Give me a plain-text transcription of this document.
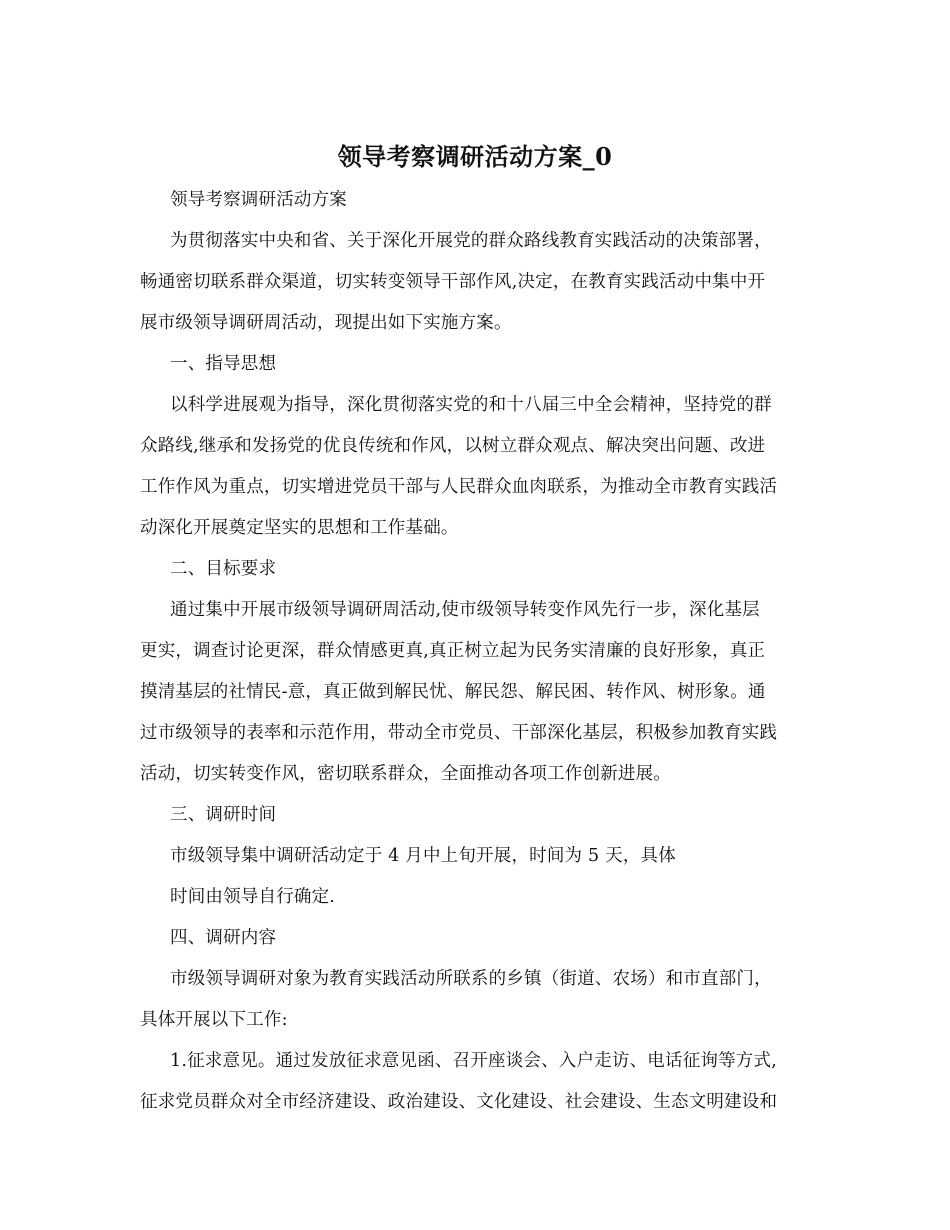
领导考察调研活动方案_0
领导考察调研活动方案
为贯彻落实中央和省、关于深化开展党的群众路线教育实践活动的决策部署，
畅通密切联系群众渠道，切实转变领导干部作风,决定，在教育实践活动中集中开
展市级领导调研周活动，现提出如下实施方案。
一、指导思想
以科学进展观为指导，深化贯彻落实党的和十八届三中全会精神，坚持党的群
众路线,继承和发扬党的优良传统和作风，以树立群众观点、解决突出问题、改进
工作作风为重点，切实增进党员干部与人民群众血肉联系，为推动全市教育实践活
动深化开展奠定坚实的思想和工作基础。
二、目标要求
通过集中开展市级领导调研周活动,使市级领导转变作风先行一步，深化基层
更实，调查讨论更深，群众情感更真,真正树立起为民务实清廉的良好形象，真正
摸清基层的社情民-意，真正做到解民忧、解民怨、解民困、转作风、树形象。通
过市级领导的表率和示范作用，带动全市党员、干部深化基层，积极参加教育实践
活动，切实转变作风，密切联系群众，全面推动各项工作创新进展。
三、调研时间
市级领导集中调研活动定于 4 月中上旬开展，时间为 5 天，具体
时间由领导自行确定.
四、调研内容
市级领导调研对象为教育实践活动所联系的乡镇（街道、农场）和市直部门，
具体开展以下工作:
1.征求意见。通过发放征求意见函、召开座谈会、入户走访、电话征询等方式,
征求党员群众对全市经济建设、政治建设、文化建设、社会建设、生态文明建设和
